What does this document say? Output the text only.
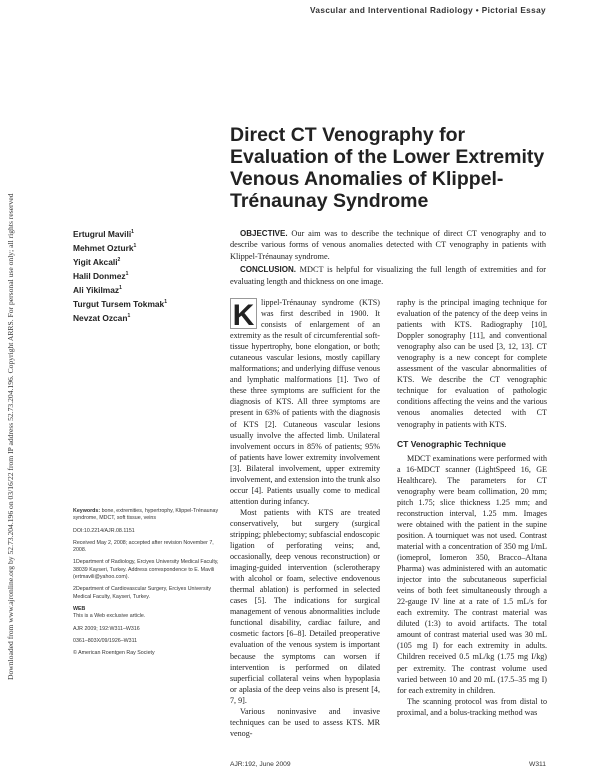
Downloaded from www.ajronline.org by 52.73.204.196 on 03/16/22 from IP address 52.73.204.196. Copyright ARRS. For personal use only; all rights reserved
Vascular and Interventional Radiology • Pictorial Essay
Direct CT Venography for Evaluation of the Lower Extremity Venous Anomalies of Klippel-Trénaunay Syndrome
Ertugrul Mavili$^1$
Mehmet Ozturk$^1$
Yigit Akcali$^2$
Halil Donmez$^1$
Ali Yikilmaz$^1$
Turgut Tursem Tokmak$^1$
Nevzat Ozcan$^1$

OBJECTIVE. Our aim was to describe the technique of direct CT venography and to describe various forms of venous anomalies detected with CT venography in patients with Klippel-Trénaunay syndrome.

CONCLUSION. MDCT is helpful for visualizing the full length of extremities and for evaluating length and thickness on one image.

Keywords: bone, extremities, hypertrophy, Klippel-Trénaunay syndrome, MDCT, soft tissue, veins

DOI:10.2214/AJR.08.1151

Received May 2, 2008; accepted after revision November 7, 2008.

1Department of Radiology, Erciyes University Medical Faculty, 38039 Kayseri, Turkey. Address correspondence to E. Mavili (ertmavili@yahoo.com).

2Department of Cardiovascular Surgery, Erciyes University Medical Faculty, Kayseri, Turkey.

WEB

This is a Web exclusive article.

AJR 2009; 192:W311–W316

0361–803X/09/1926–W311

© American Roentgen Ray Society

K lippel-Trénaunay syndrome (KTS) was first described in 1900. It consists of enlargement of an extremity as the result of circumferential soft-tissue hypertrophy, bone elongation, or both; cutaneous vascular lesions, mostly capillary malformations; and underlying diffuse venous and lymphatic malformations [1]. Two of these three symptoms are sufficient for the diagnosis of KTS. All three symptoms are present in 63% of patients with the diagnosis of KTS [2]. Cutaneous vascular lesions usually involve the affected limb. Unilateral involvement occurs in 85% of patients; 95% of patients have lower extremity involvement [3]. Bilateral involvement, upper extremity involvement, and extension into the trunk also occur [4]. Patients usually come to medical attention during infancy.

Most patients with KTS are treated conservatively, but surgery (surgical stripping; phlebectomy; subfascial endoscopic ligation of perforating veins; and, occasionally, deep venous reconstruction) or imaging-guided intervention (sclerotherapy with alcohol or foam, selective endovenous thermal ablation) is performed in selected cases [5]. The indications for surgical management of venous abnormalities include functional disability, cardiac failure, and cosmetic factors [6–8]. Detailed preoperative evaluation of the venous system is important because the symptoms can worsen if intervention is performed on dilated superficial collateral veins when hypoplasia or aplasia of the deep veins also is present [4, 7, 9].

Various noninvasive and invasive techniques can be used to assess KTS. MR venog-

raphy is the principal imaging technique for evaluation of the patency of the deep veins in patients with KTS. Radiography [10], Doppler sonography [11], and conventional venography also can be used [3, 12, 13]. CT venography is a new concept for complete assessment of the vascular abnormalities of KTS. We describe the CT venographic technique for evaluation of pathologic conditions affecting the veins and the various venous anomalies detected with CT venography in patients with KTS.

CT Venographic Technique

MDCT examinations were performed with a 16-MDCT scanner (LightSpeed 16, GE Healthcare). The parameters for CT venography were beam collimation, 20 mm; pitch 1.75; slice thickness 1.25 mm; and reconstruction interval, 1.25 mm. Images were obtained with the patient in the supine position. A tourniquet was not used. Contrast material with a concentration of 350 mg I/mL (iomeprol, Iomeron 350, Bracco–Altana Pharma) was administered with an automatic injector into the subcutaneous superficial veins of both feet simultaneously through a 22-gauge IV line at a rate of 1.5 mL/s for each extremity. The contrast material was diluted (1:3) to avoid artifacts. The total amount of contrast material used was 30 mL (105 mg I) for each extremity in adults. Children received 0.5 mL/kg (1.75 mg I/kg) per extremity. The contrast volume used varied between 10 and 20 mL (17.5–35 mg I) for each extremity in children.

The scanning protocol was from distal to proximal, and a bolus-tracking method was

AJR:192, June 2009	W311
